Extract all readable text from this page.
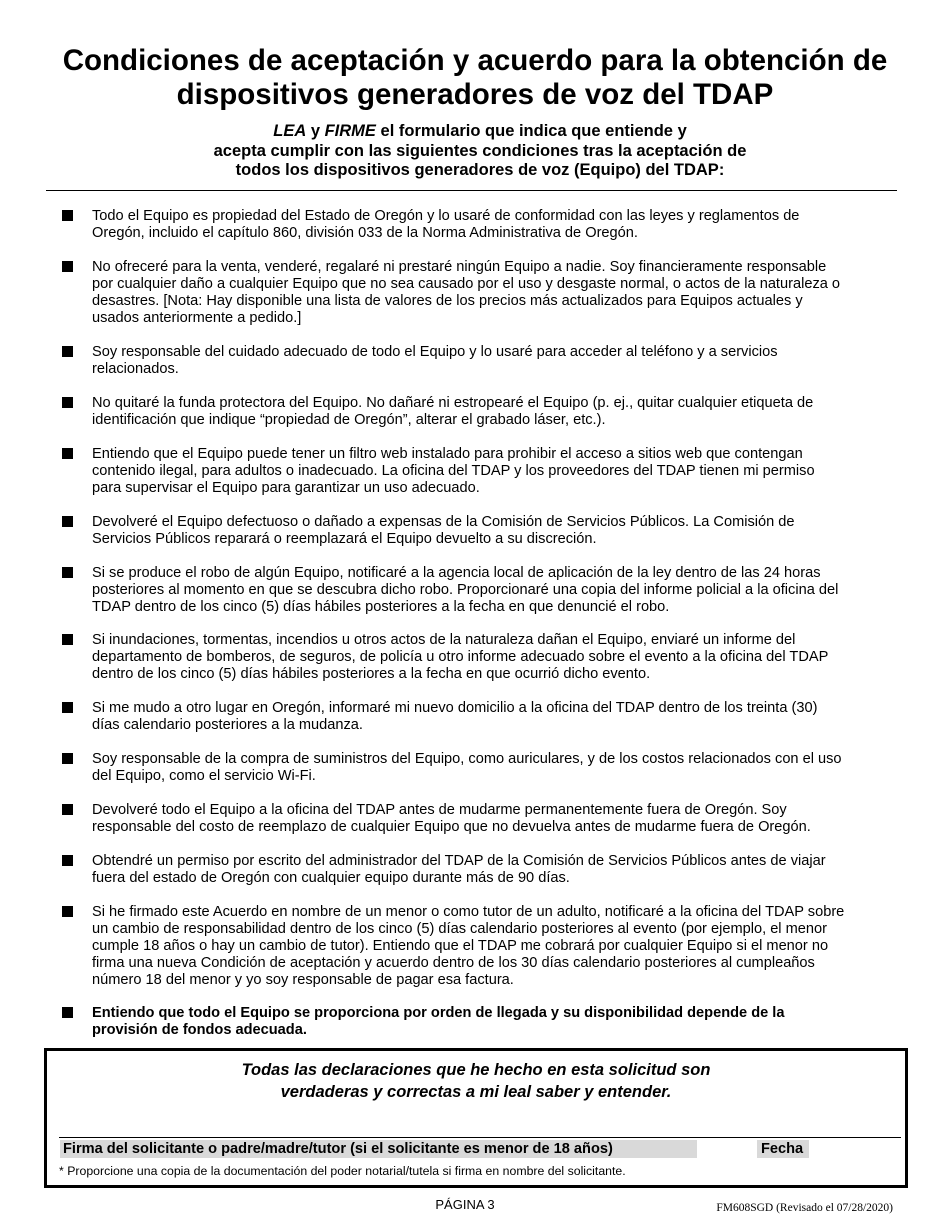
Condiciones de aceptación y acuerdo para la obtención de
dispositivos generadores de voz del TDAP
LEA y FIRME el formulario que indica que entiende y
acepta cumplir con las siguientes condiciones tras la aceptación de
todos los dispositivos generadores de voz (Equipo) del TDAP:
Todo el Equipo es propiedad del Estado de Oregón y lo usaré de conformidad con las leyes y reglamentos de
Oregón, incluido el capítulo 860, división 033 de la Norma Administrativa de Oregón.
No ofreceré para la venta, venderé, regalaré ni prestaré ningún Equipo a nadie. Soy financieramente responsable
por cualquier daño a cualquier Equipo que no sea causado por el uso y desgaste normal, o actos de la naturaleza o
desastres. [Nota: Hay disponible una lista de valores de los precios más actualizados para Equipos actuales y
usados anteriormente a pedido.]
Soy responsable del cuidado adecuado de todo el Equipo y lo usaré para acceder al teléfono y a servicios
relacionados.
No quitaré la funda protectora del Equipo. No dañaré ni estropearé el Equipo (p. ej., quitar cualquier etiqueta de
identificación que indique “propiedad de Oregón”, alterar el grabado láser, etc.).
Entiendo que el Equipo puede tener un filtro web instalado para prohibir el acceso a sitios web que contengan
contenido ilegal, para adultos o inadecuado. La oficina del TDAP y los proveedores del TDAP tienen mi permiso
para supervisar el Equipo para garantizar un uso adecuado.
Devolveré el Equipo defectuoso o dañado a expensas de la Comisión de Servicios Públicos. La Comisión de
Servicios Públicos reparará o reemplazará el Equipo devuelto a su discreción.
Si se produce el robo de algún Equipo, notificaré a la agencia local de aplicación de la ley dentro de las 24 horas
posteriores al momento en que se descubra dicho robo. Proporcionaré una copia del informe policial a la oficina del
TDAP dentro de los cinco (5) días hábiles posteriores a la fecha en que denuncié el robo.
Si inundaciones, tormentas, incendios u otros actos de la naturaleza dañan el Equipo, enviaré un informe del
departamento de bomberos, de seguros, de policía u otro informe adecuado sobre el evento a la oficina del TDAP
dentro de los cinco (5) días hábiles posteriores a la fecha en que ocurrió dicho evento.
Si me mudo a otro lugar en Oregón, informaré mi nuevo domicilio a la oficina del TDAP dentro de los treinta (30)
días calendario posteriores a la mudanza.
Soy responsable de la compra de suministros del Equipo, como auriculares, y de los costos relacionados con el uso
del Equipo, como el servicio Wi-Fi.
Devolveré todo el Equipo a la oficina del TDAP antes de mudarme permanentemente fuera de Oregón. Soy
responsable del costo de reemplazo de cualquier Equipo que no devuelva antes de mudarme fuera de Oregón.
Obtendré un permiso por escrito del administrador del TDAP de la Comisión de Servicios Públicos antes de viajar
fuera del estado de Oregón con cualquier equipo durante más de 90 días.
Si he firmado este Acuerdo en nombre de un menor o como tutor de un adulto, notificaré a la oficina del TDAP sobre
un cambio de responsabilidad dentro de los cinco (5) días calendario posteriores al evento (por ejemplo, el menor
cumple 18 años o hay un cambio de tutor). Entiendo que el TDAP me cobrará por cualquier Equipo si el menor no
firma una nueva Condición de aceptación y acuerdo dentro de los 30 días calendario posteriores al cumpleaños
número 18 del menor y yo soy responsable de pagar esa factura.
Entiendo que todo el Equipo se proporciona por orden de llegada y su disponibilidad depende de la
provisión de fondos adecuada.
Todas las declaraciones que he hecho en esta solicitud son
verdaderas y correctas a mi leal saber y entender.
Firma del solicitante o padre/madre/tutor (si el solicitante es menor de 18 años)	Fecha
* Proporcione una copia de la documentación del poder notarial/tutela si firma en nombre del solicitante.
PÁGINA 3	FM608SGD (Revisado el 07/28/2020)
